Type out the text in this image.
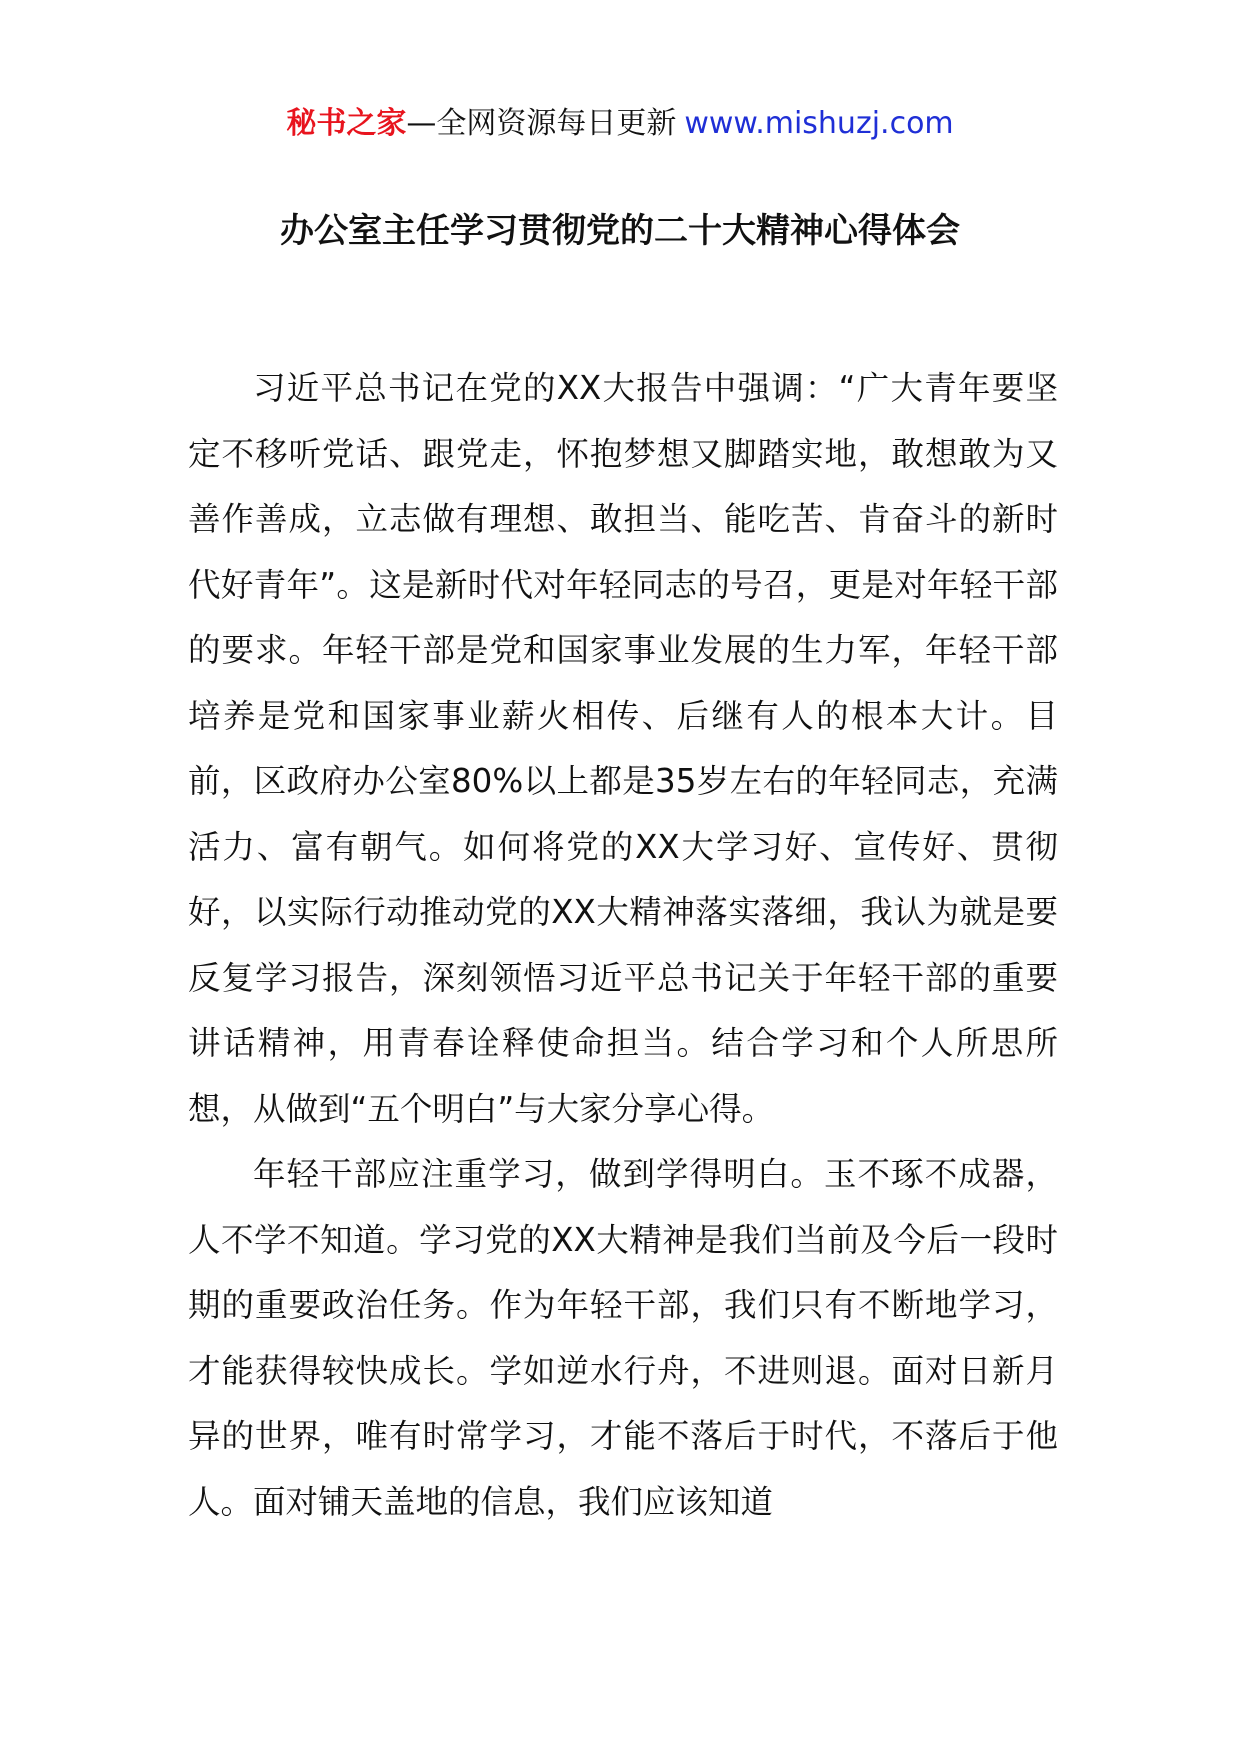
秘书之家—全网资源每日更新 www.mishuzj.com
办公室主任学习贯彻党的二十大精神心得体会

习近平总书记在党的XX大报告中强调：“广大青年要坚定不移听党话、跟党走，怀抱梦想又脚踏实地，敢想敢为又善作善成，立志做有理想、敢担当、能吃苦、肯奋斗的新时代好青年”。这是新时代对年轻同志的号召，更是对年轻干部的要求。年轻干部是党和国家事业发展的生力军，年轻干部培养是党和国家事业薪火相传、后继有人的根本大计。目前，区政府办公室80%以上都是35岁左右的年轻同志，充满活力、富有朝气。如何将党的XX大学习好、宣传好、贯彻好，以实际行动推动党的XX大精神落实落细，我认为就是要反复学习报告，深刻领悟习近平总书记关于年轻干部的重要讲话精神，用青春诠释使命担当。结合学习和个人所思所想，从做到“五个明白”与大家分享心得。

年轻干部应注重学习，做到学得明白。玉不琢不成器，人不学不知道。学习党的XX大精神是我们当前及今后一段时期的重要政治任务。作为年轻干部，我们只有不断地学习，才能获得较快成长。学如逆水行舟，不进则退。面对日新月异的世界，唯有时常学习，才能不落后于时代，不落后于他人。面对铺天盖地的信息，我们应该知道
